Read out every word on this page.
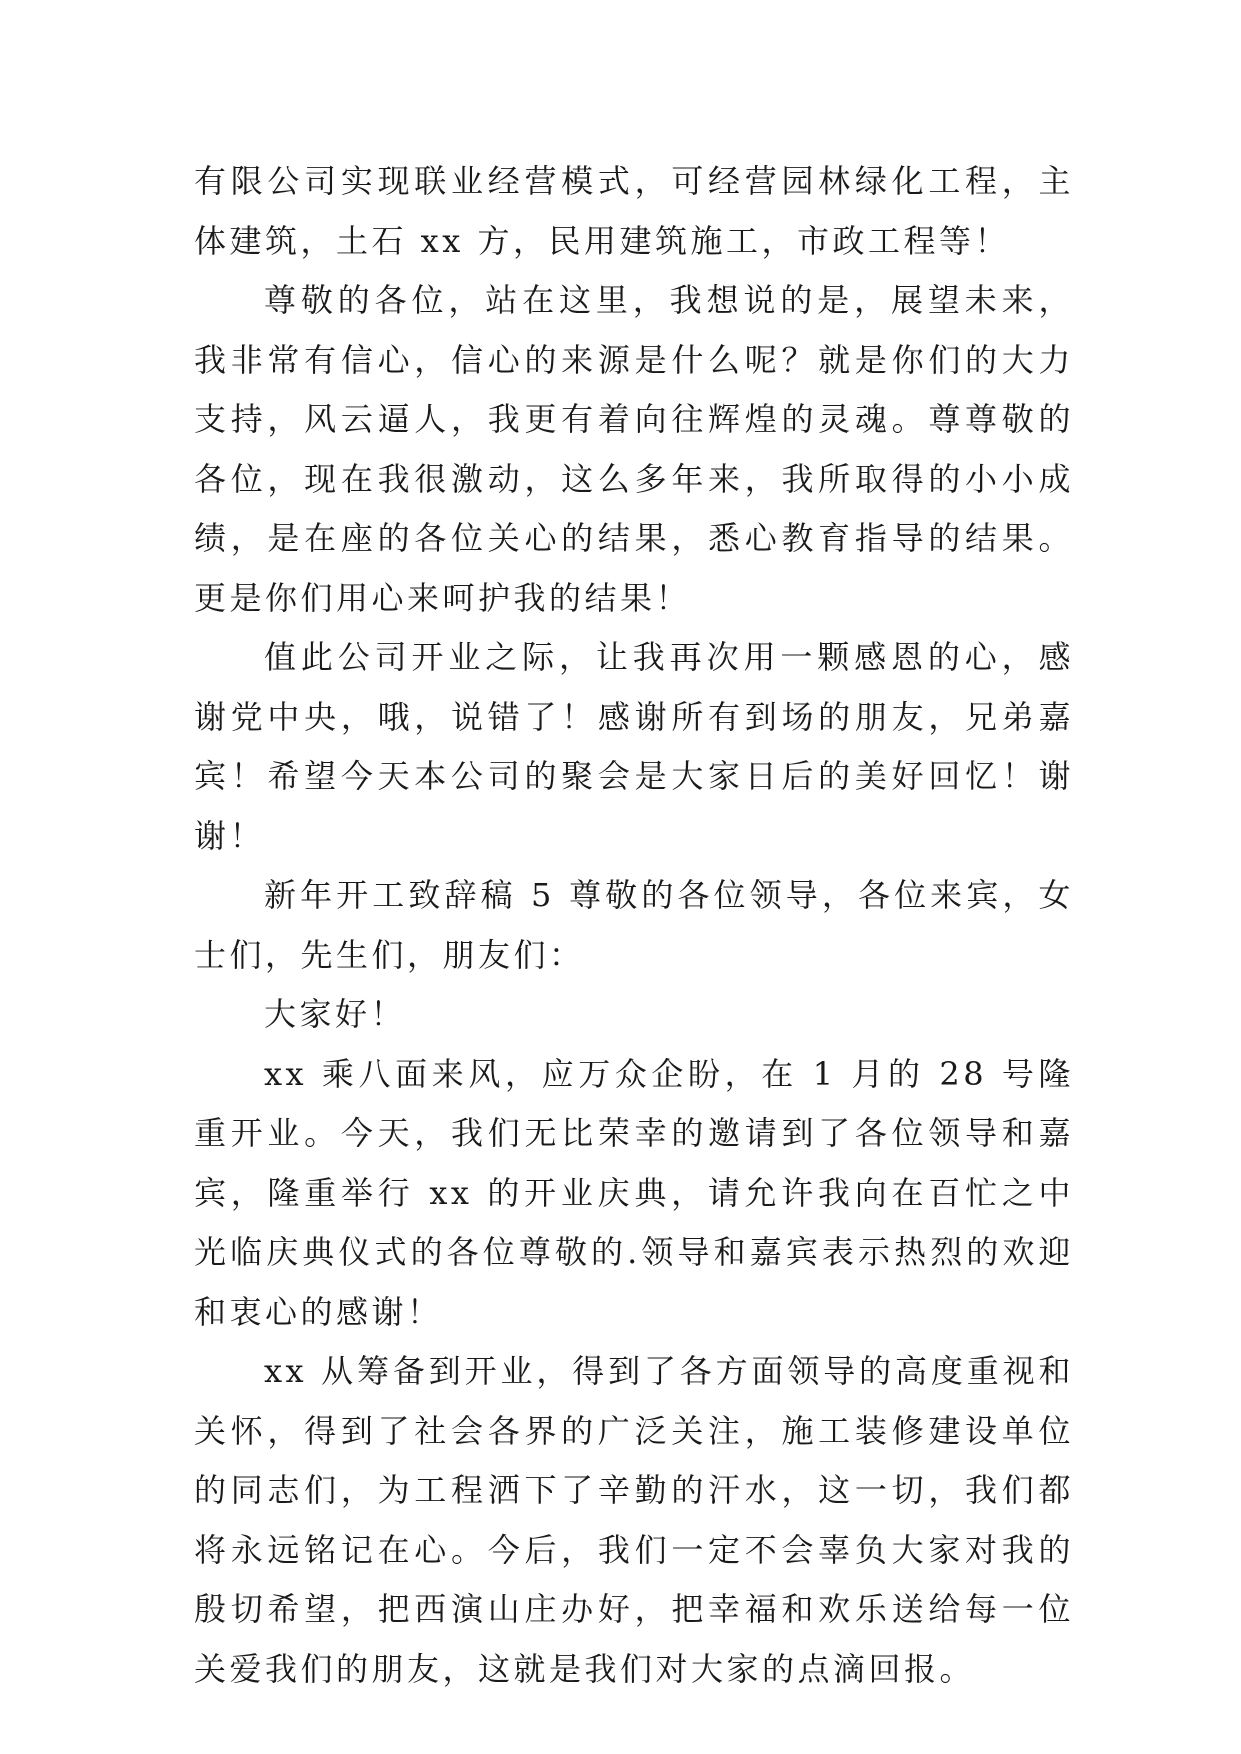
有限公司实现联业经营模式，可经营园林绿化工程，主体建筑，土石 xx 方，民用建筑施工，市政工程等！

尊敬的各位，站在这里，我想说的是，展望未来，我非常有信心，信心的来源是什么呢？就是你们的大力支持，风云逼人，我更有着向往辉煌的灵魂。尊尊敬的各位，现在我很激动，这么多年来，我所取得的小小成绩，是在座的各位关心的结果，悉心教育指导的结果。更是你们用心来呵护我的结果！

值此公司开业之际，让我再次用一颗感恩的心，感谢党中央，哦，说错了！感谢所有到场的朋友，兄弟嘉宾！希望今天本公司的聚会是大家日后的美好回忆！谢谢！

新年开工致辞稿 5 尊敬的各位领导，各位来宾，女士们，先生们，朋友们：

大家好！

xx 乘八面来风，应万众企盼，在 1 月的 28 号隆重开业。今天，我们无比荣幸的邀请到了各位领导和嘉宾，隆重举行 xx 的开业庆典，请允许我向在百忙之中光临庆典仪式的各位尊敬的.领导和嘉宾表示热烈的欢迎和衷心的感谢！

xx 从筹备到开业，得到了各方面领导的高度重视和关怀，得到了社会各界的广泛关注，施工装修建设单位的同志们，为工程洒下了辛勤的汗水，这一切，我们都将永远铭记在心。今后，我们一定不会辜负大家对我的殷切希望，把西演山庄办好，把幸福和欢乐送给每一位关爱我们的朋友，这就是我们对大家的点滴回报。
